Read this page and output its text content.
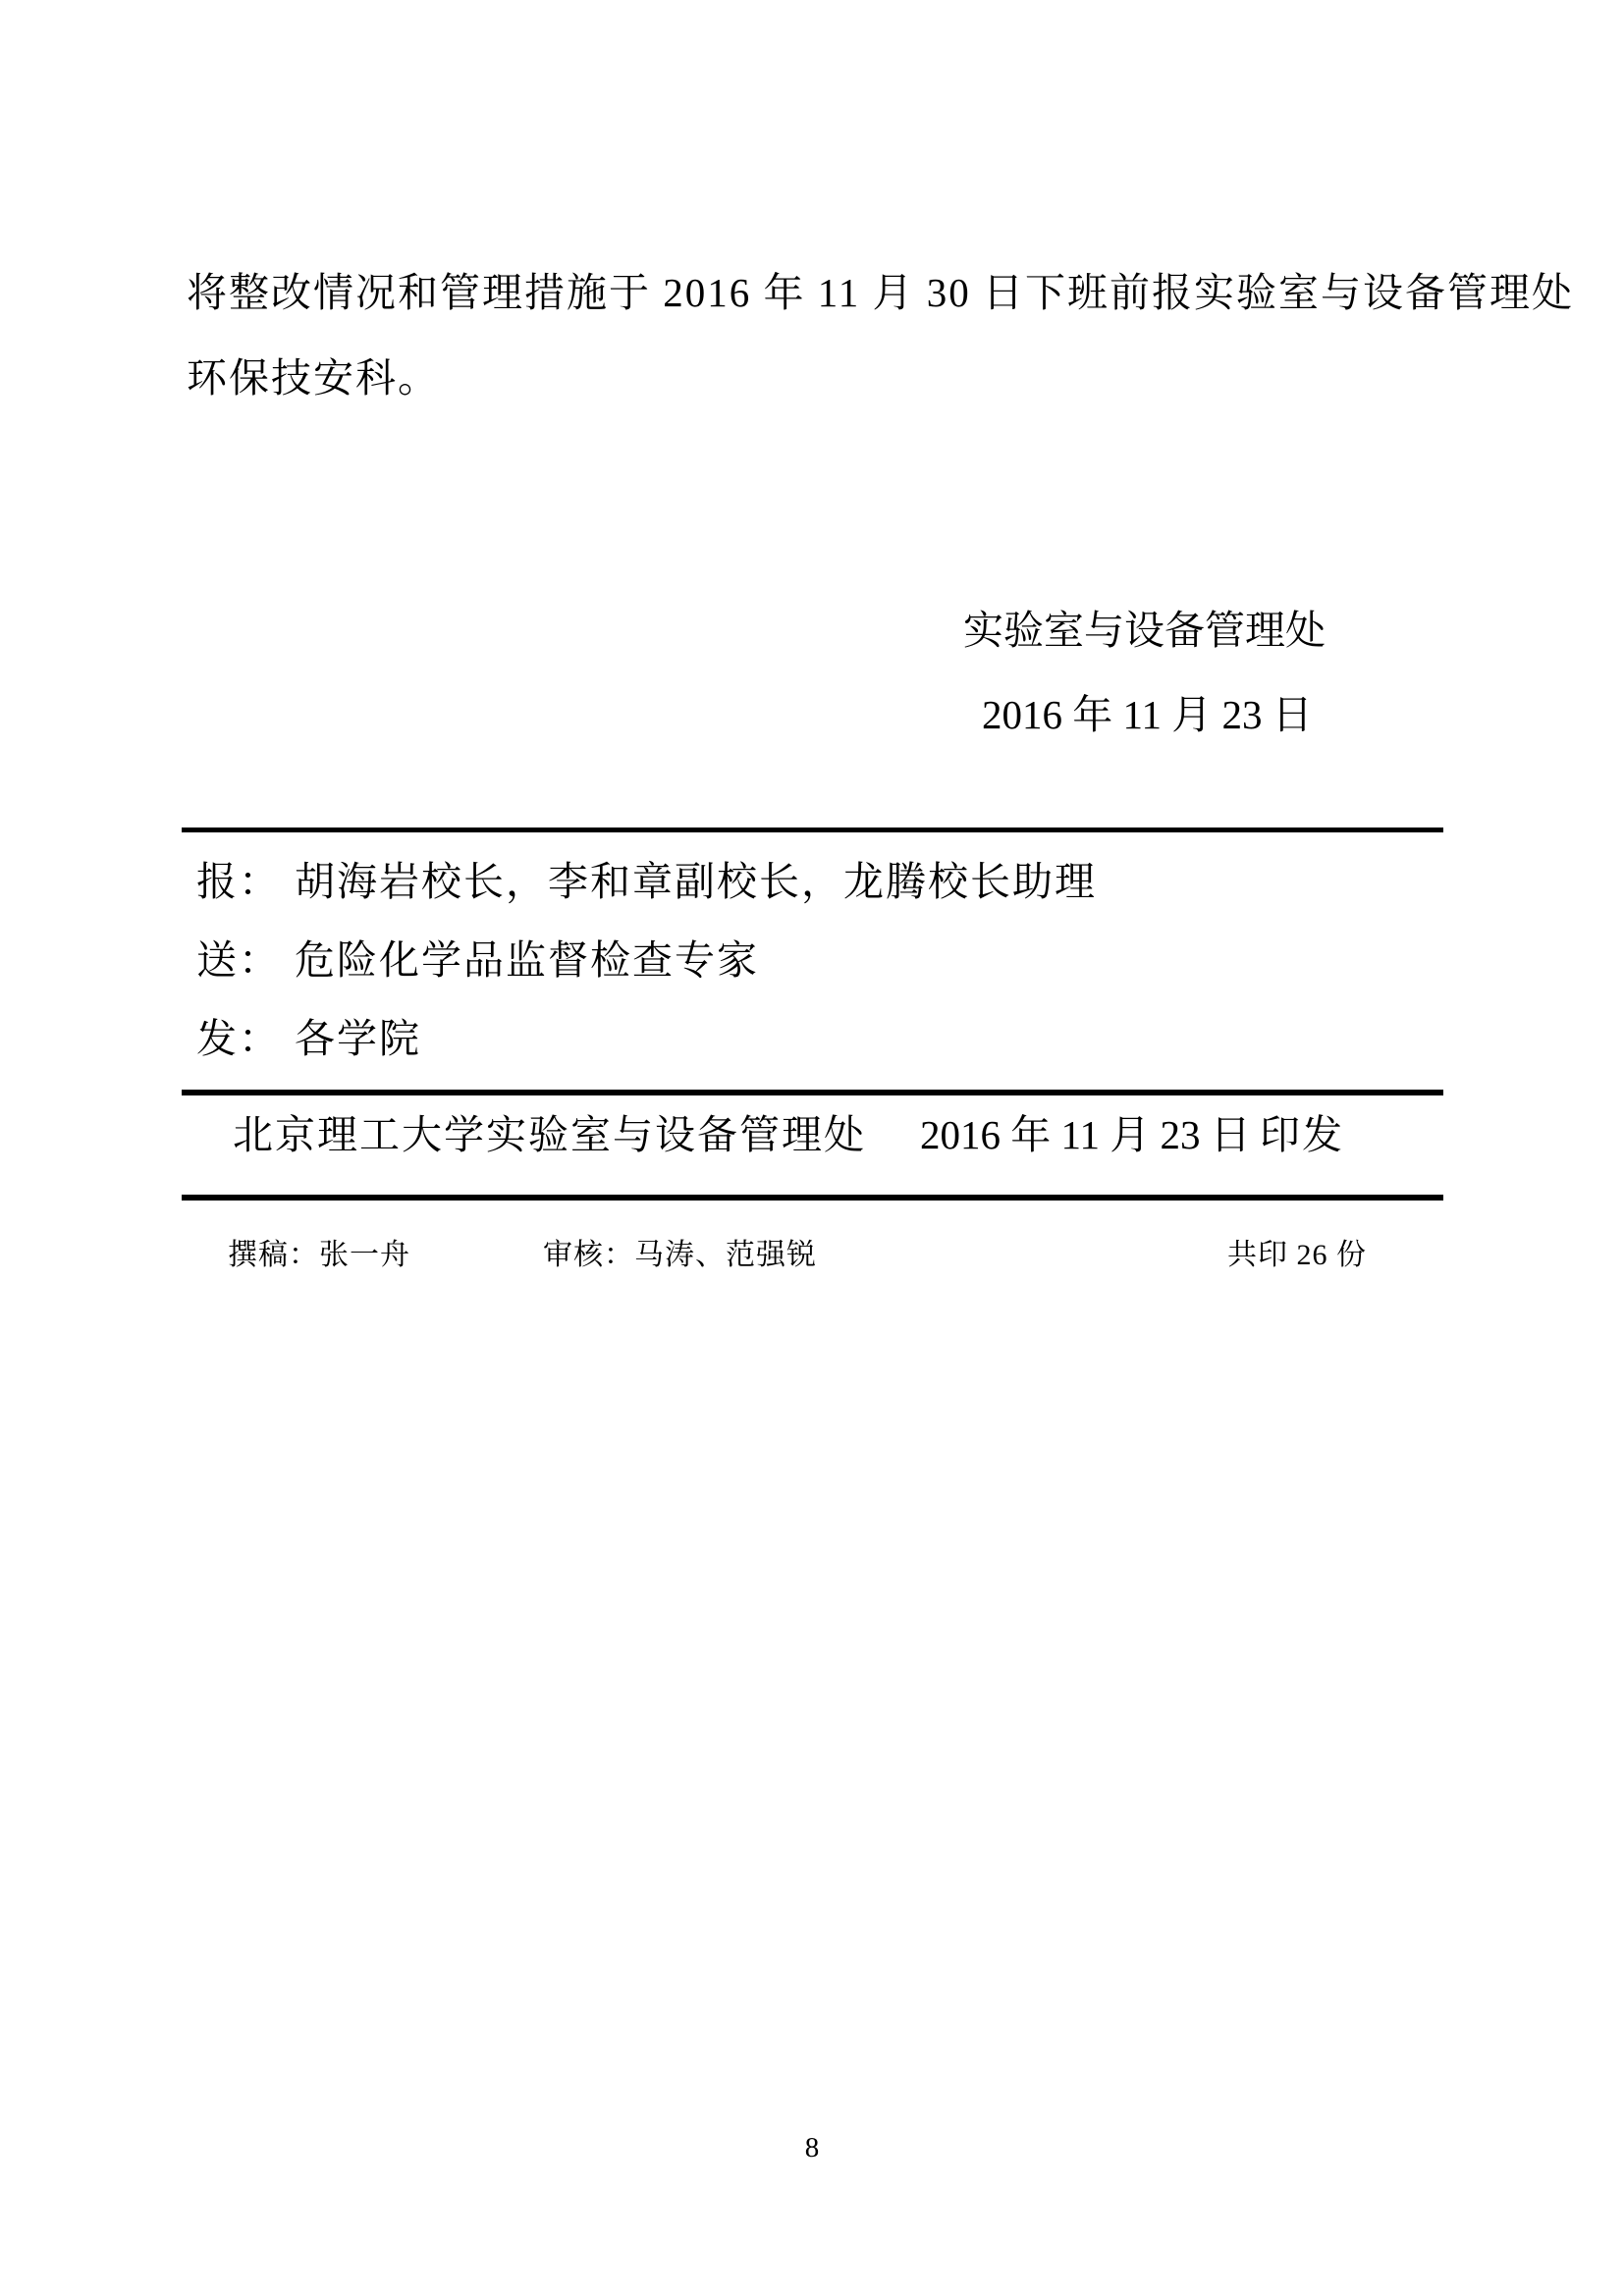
将整改情况和管理措施于 2016 年 11 月 30 日下班前报实验室与设备管理处
环保技安科。
实验室与设备管理处
2016 年 11 月 23 日
报： 胡海岩校长，李和章副校长，龙腾校长助理
送： 危险化学品监督检查专家
发： 各学院
北京理工大学实验室与设备管理处 2016 年 11 月 23 日 印发
撰稿：张一舟	审核：马涛、范强锐	共印 26 份
8
